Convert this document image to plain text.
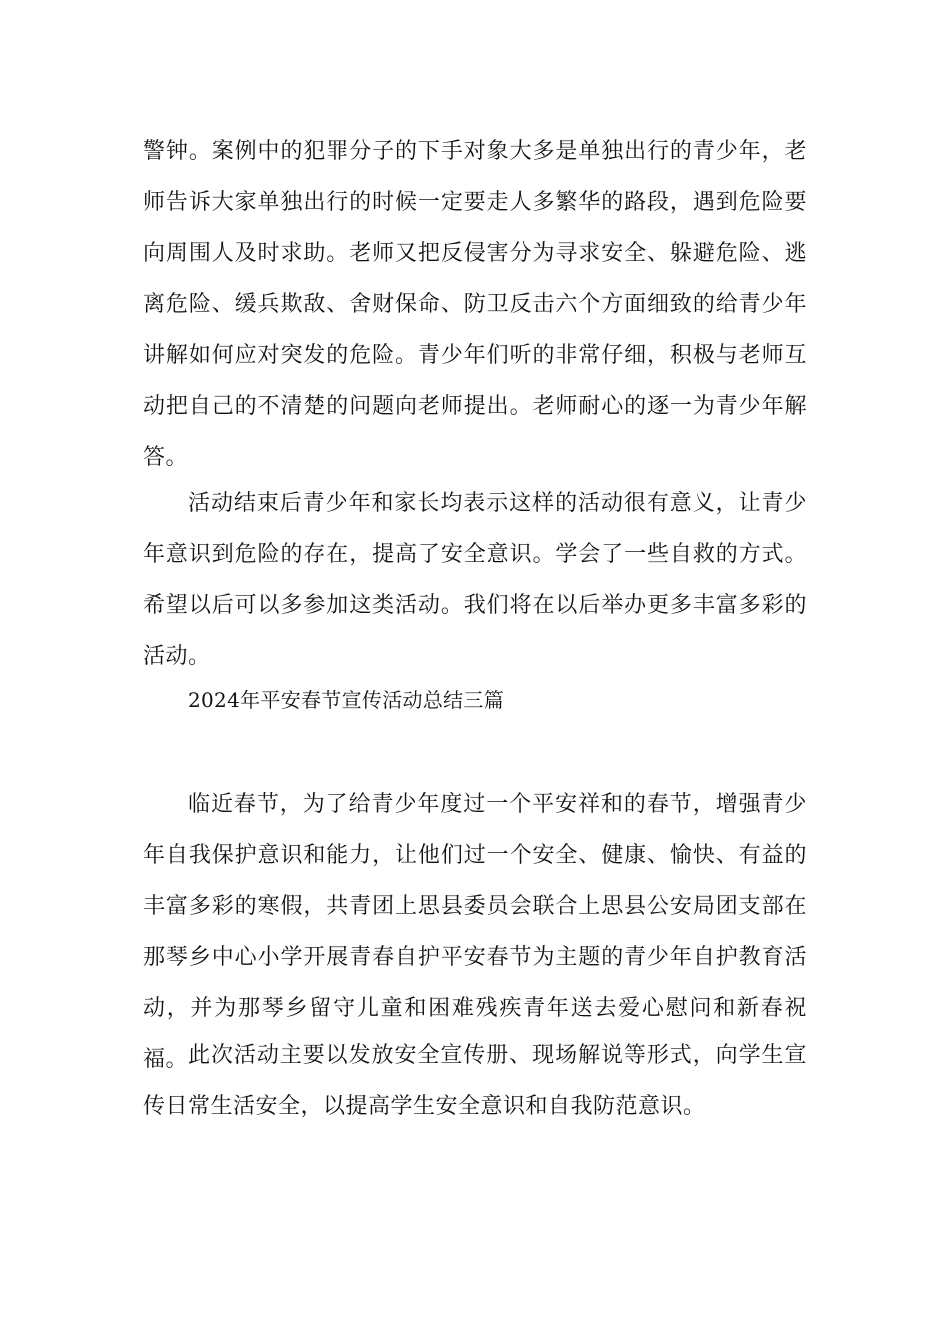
警钟。案例中的犯罪分子的下手对象大多是单独出行的青少年，老师告诉大家单独出行的时候一定要走人多繁华的路段，遇到危险要向周围人及时求助。老师又把反侵害分为寻求安全、躲避危险、逃离危险、缓兵欺敌、舍财保命、防卫反击六个方面细致的给青少年讲解如何应对突发的危险。青少年们听的非常仔细，积极与老师互动把自己的不清楚的问题向老师提出。老师耐心的逐一为青少年解答。

活动结束后青少年和家长均表示这样的活动很有意义，让青少年意识到危险的存在，提高了安全意识。学会了一些自救的方式。希望以后可以多参加这类活动。我们将在以后举办更多丰富多彩的活动。

2024年平安春节宣传活动总结三篇

临近春节，为了给青少年度过一个平安祥和的春节，增强青少年自我保护意识和能力，让他们过一个安全、健康、愉快、有益的丰富多彩的寒假，共青团上思县委员会联合上思县公安局团支部在那琴乡中心小学开展青春自护平安春节为主题的青少年自护教育活动，并为那琴乡留守儿童和困难残疾青年送去爱心慰问和新春祝福。 此次活动主要以发放安全宣传册、现场解说等形式，向学生宣传日常生活安全，以提高学生安全意识和自我防范意识。
